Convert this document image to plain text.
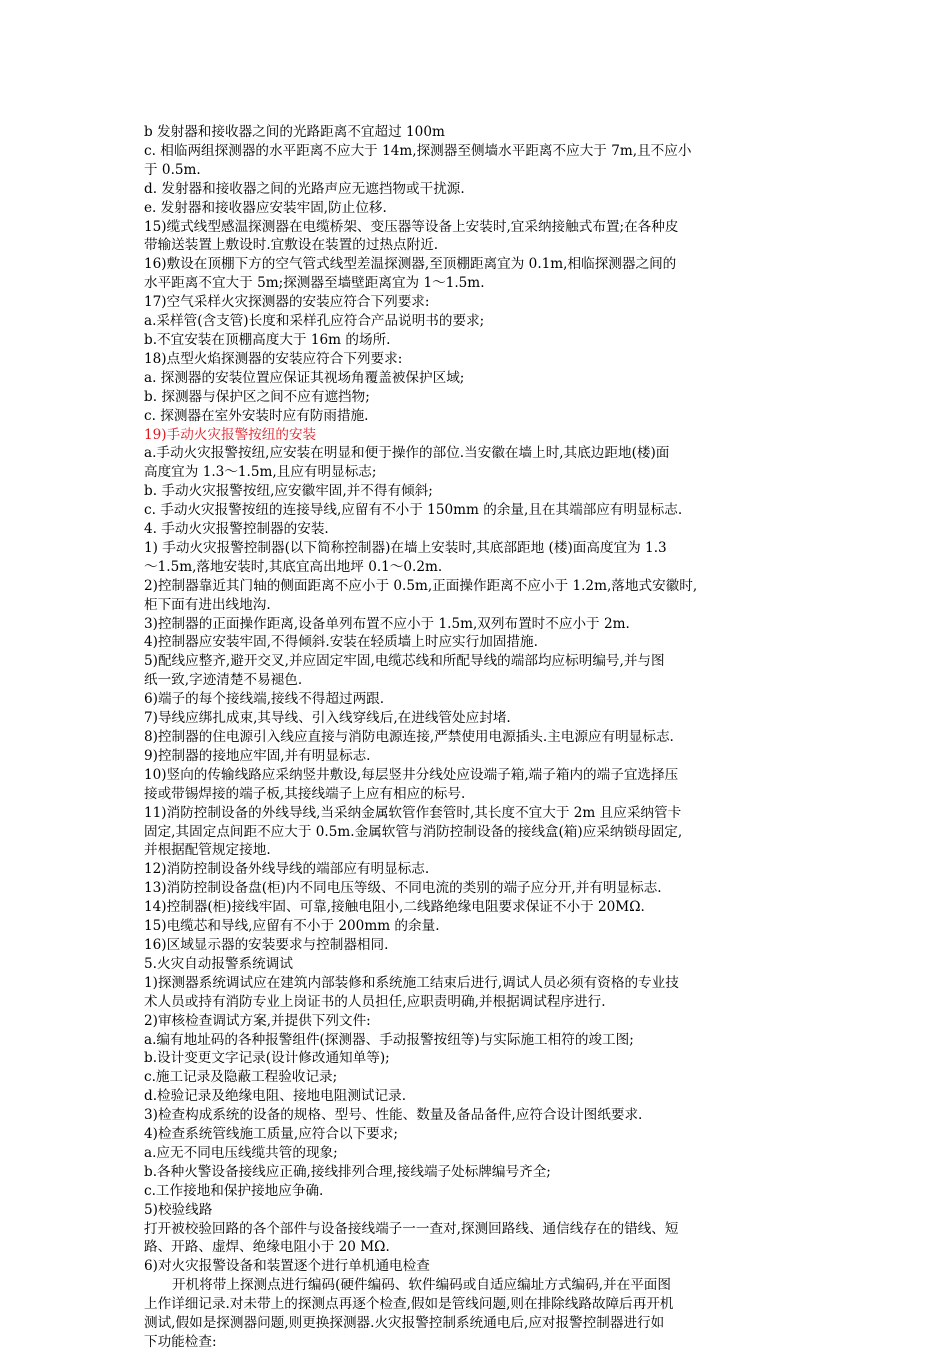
b 发射器和接收器之间的光路距离不宜超过 100m
c. 相临两组探测器的水平距离不应大于 14m,探测器至侧墙水平距离不应大于 7m,且不应小
于 0.5m.
d. 发射器和接收器之间的光路声应无遮挡物或干扰源.
e. 发射器和接收器应安装牢固,防止位移.
15)缆式线型感温探测器在电缆桥架、变压器等设备上安装时,宜采纳接触式布置;在各种皮
带输送装置上敷设时.宜敷设在装置的过热点附近.
16)敷设在顶棚下方的空气管式线型差温探测器,至顶棚距离宜为 0.1m,相临探测器之间的
水平距离不宜大于 5m;探测器至墙壁距离宜为 1～1.5m.
17)空气采样火灾探测器的安装应符合下列要求:
a.采样管(含支管)长度和采样孔应符合产品说明书的要求;
b.不宜安装在顶棚高度大于 16m 的场所.
18)点型火焰探测器的安装应符合下列要求:
a. 探测器的安装位置应保证其视场角覆盖被保护区域;
b. 探测器与保护区之间不应有遮挡物;
c. 探测器在室外安装时应有防雨措施.
19)手动火灾报警按纽的安装
a.手动火灾报警按纽,应安装在明显和便于操作的部位.当安徽在墙上时,其底边距地(楼)面
高度宜为 1.3～1.5m,且应有明显标志;
b. 手动火灾报警按纽,应安徽牢固,并不得有倾斜;
c. 手动火灾报警按纽的连接导线,应留有不小于 150mm 的余量,且在其端部应有明显标志.
4. 手动火灾报警控制器的安装.
1) 手动火灾报警控制器(以下简称控制器)在墙上安装时,其底部距地 (楼)面高度宜为 1.3
～1.5m,落地安装时,其底宜高出地坪 0.1～0.2m.
2)控制器靠近其门轴的侧面距离不应小于 0.5m,正面操作距离不应小于 1.2m,落地式安徽时,
柜下面有进出线地沟.
3)控制器的正面操作距离,设备单列布置不应小于 1.5m,双列布置时不应小于 2m.
4)控制器应安装牢固,不得倾斜.安装在轻质墙上时应实行加固措施.
5)配线应整齐,避开交叉,并应固定牢固,电缆芯线和所配导线的端部均应标明编号,并与图
纸一致,字迹清楚不易褪色.
6)端子的每个接线端,接线不得超过两跟.
7)导线应绑扎成束,其导线、引入线穿线后,在进线管处应封堵.
8)控制器的住电源引入线应直接与消防电源连接,严禁使用电源插头.主电源应有明显标志.
9)控制器的接地应牢固,并有明显标志.
10)竖向的传输线路应采纳竖井敷设,每层竖井分线处应设端子箱,端子箱内的端子宜选择压
接或带锡焊接的端子板,其接线端子上应有相应的标号.
11)消防控制设备的外线导线,当采纳金属软管作套管时,其长度不宜大于 2m 且应采纳管卡
固定,其固定点间距不应大于 0.5m.金属软管与消防控制设备的接线盒(箱)应采纳锁母固定,
并根据配管规定接地.
12)消防控制设备外线导线的端部应有明显标志.
13)消防控制设备盘(柜)内不同电压等级、不同电流的类别的端子应分开,并有明显标志.
14)控制器(柜)接线牢固、可靠,接触电阻小,二线路绝缘电阻要求保证不小于 20MΩ.
15)电缆芯和导线,应留有不小于 200mm 的余量.
16)区域显示器的安装要求与控制器相同.
5.火灾自动报警系统调试
1)探测器系统调试应在建筑内部装修和系统施工结束后进行,调试人员必须有资格的专业技
术人员或持有消防专业上岗证书的人员担任,应职责明确,并根据调试程序进行.
2)审核检查调试方案,并提供下列文件:
a.编有地址码的各种报警组件(探测器、手动报警按纽等)与实际施工相符的竣工图;
b.设计变更文字记录(设计修改通知单等);
c.施工记录及隐蔽工程验收记录;
d.检验记录及绝缘电阻、接地电阻测试记录.
3)检查构成系统的设备的规格、型号、性能、数量及备品备件,应符合设计图纸要求.
4)检查系统管线施工质量,应符合以下要求;
a.应无不同电压线缆共管的现象;
b.各种火警设备接线应正确,接线排列合理,接线端子处标牌编号齐全;
c.工作接地和保护接地应争确.
5)校验线路
打开被校验回路的各个部件与设备接线端子一一查对,探测回路线、通信线存在的错线、短
路、开路、虚焊、绝缘电阻小于 20 MΩ.
6)对火灾报警设备和装置逐个进行单机通电检查
开机将带上探测点进行编码(硬件编码、软件编码或自适应编址方式编码,并在平面图
上作详细记录.对未带上的探测点再逐个检查,假如是管线问题,则在排除线路故障后再开机
测试,假如是探测器问题,则更换探测器.火灾报警控制系统通电后,应对报警控制器进行如
下功能检查:
